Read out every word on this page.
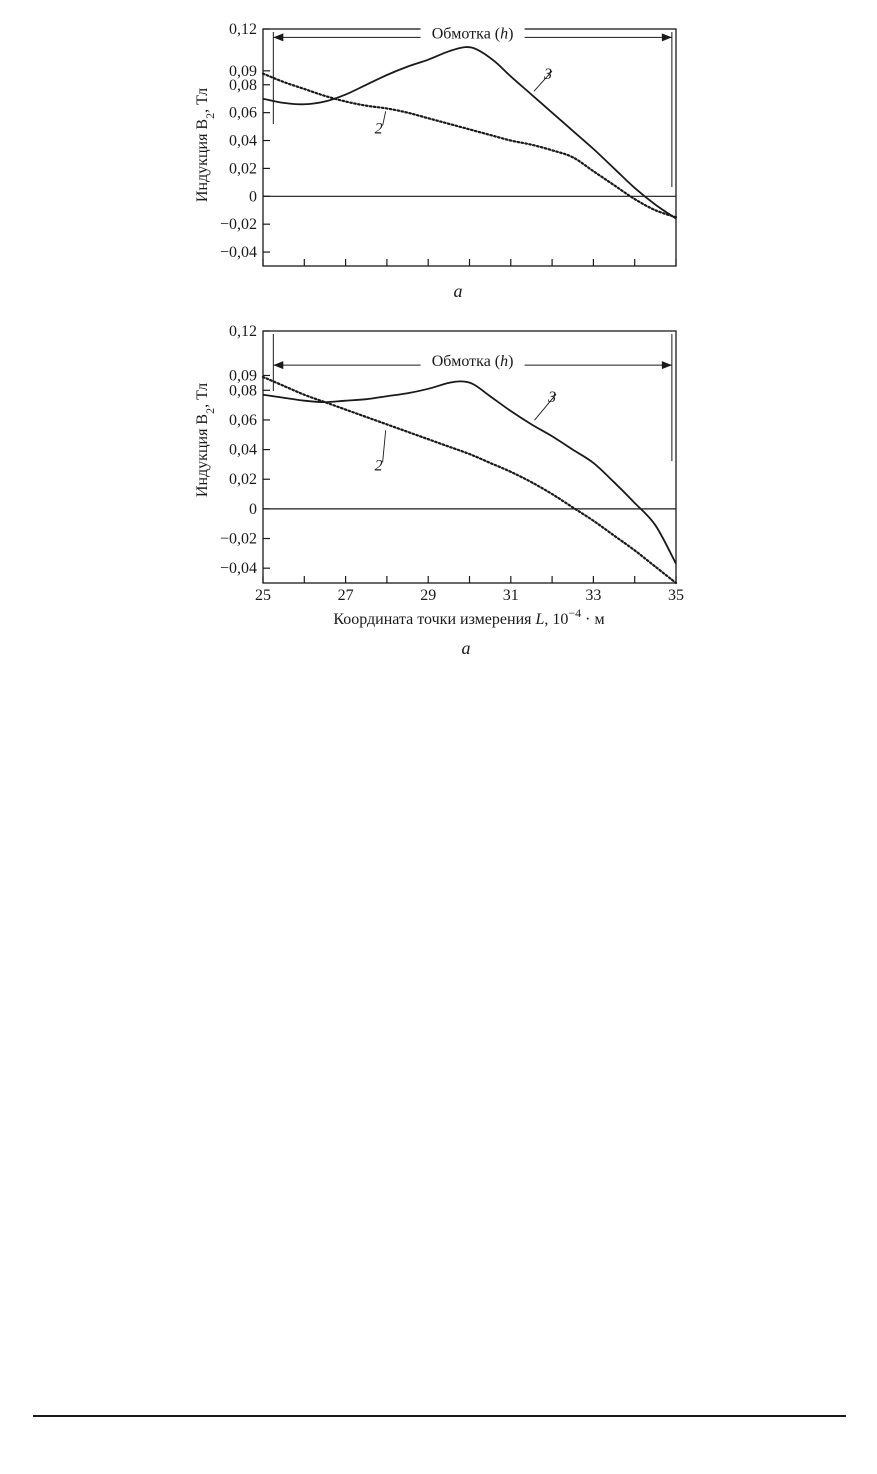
0,12
0,09
0,08
0,06
0,04
0,02
0
−0,02
−0,04
Обмотка (h)
2
3
а
Индукция $B_2$, Тл
0,12
0,09
0,08
0,06
0,04
0,02
0
−0,02
−0,04
25	27	29	31	33	35
Обмотка (h)
2
3
а
Индукция $B_2$, Тл
Координата точки измерения L, $10^{-4} \cdot м$
